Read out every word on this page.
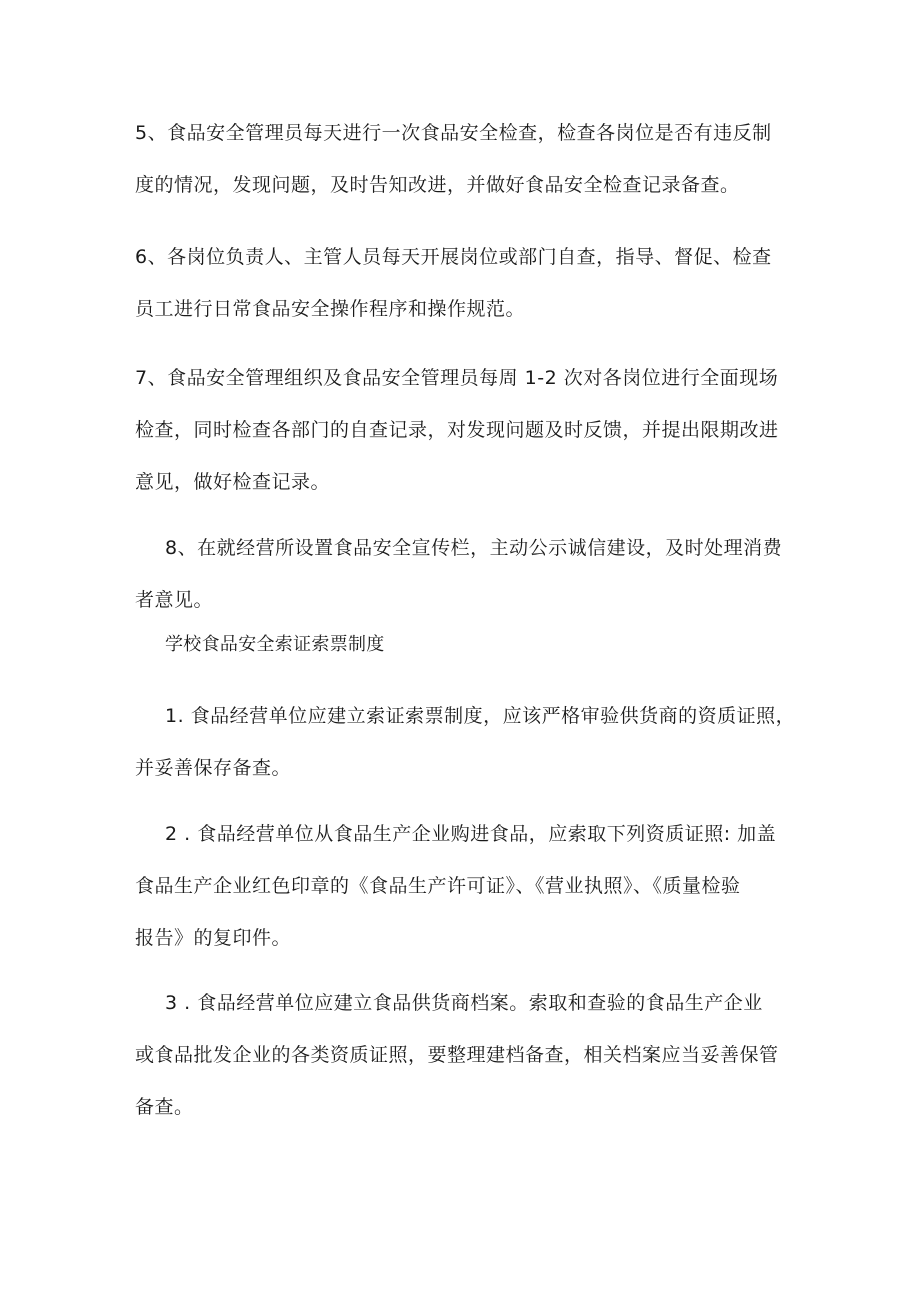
5、食品安全管理员每天进行一次食品安全检查，检查各岗位是否有违反制
度的情况，发现问题，及时告知改进，并做好食品安全检查记录备查。

6、各岗位负责人、主管人员每天开展岗位或部门自查，指导、督促、检查
员工进行日常食品安全操作程序和操作规范。

7、食品安全管理组织及食品安全管理员每周 1-2 次对各岗位进行全面现场
检查，同时检查各部门的自查记录，对发现问题及时反馈，并提出限期改进
意见，做好检查记录。

8、在就经营所设置食品安全宣传栏，主动公示诚信建设，及时处理消费
者意见。

学校食品安全索证索票制度

1. 食品经营单位应建立索证索票制度，应该严格审验供货商的资质证照，
并妥善保存备查。

2 . 食品经营单位从食品生产企业购进食品，应索取下列资质证照: 加盖
食品生产企业红色印章的《食品生产许可证》、《营业执照》、《质量检验
报告》的复印件。

3 . 食品经营单位应建立食品供货商档案。索取和查验的食品生产企业
或食品批发企业的各类资质证照，要整理建档备查，相关档案应当妥善保管
备查。
